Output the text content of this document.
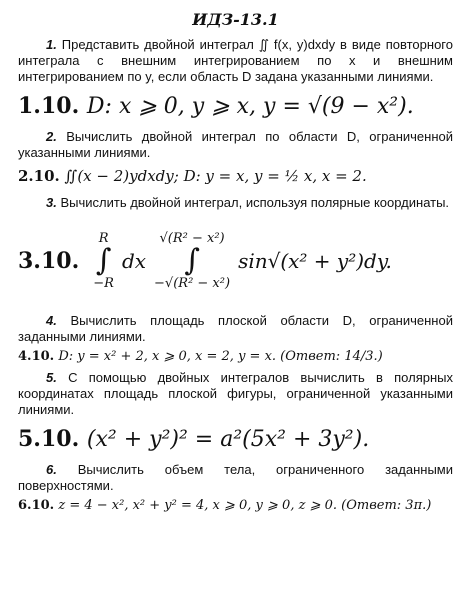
ИДЗ-13.1

1. Представить двойной интеграл ∬ f(x, y)dxdy в виде повторного интеграла с внешним интегрированием по x и внешним интегрированием по y, если область D задана указанными линиями.

1.10. D: x ⩾ 0, y ⩾ x, y = √(9 − x²).

2. Вычислить двойной интеграл по области D, ограниченной указанными линиями.

2.10. ∬(x − 2)ydxdy; D: y = x, y = ½ x, x = 2.

3. Вычислить двойной интеграл, используя полярные координаты.

3.10.
R
∫
−R
dx
√(R² − x²)
∫
−√(R² − x²)
sin√(x² + y²)dy.

4. Вычислить площадь плоской области D, ограниченной заданными линиями.

4.10. D: y = x² + 2, x ⩾ 0, x = 2, y = x. (Ответ: 14/3.)

5. С помощью двойных интегралов вычислить в полярных координатах площадь плоской фигуры, ограниченной указанными линиями.

5.10. (x² + y²)² = a²(5x² + 3y²).

6. Вычислить объем тела, ограниченного заданными поверхностями.

6.10. z = 4 − x², x² + y² = 4, x ⩾ 0, y ⩾ 0, z ⩾ 0. (Ответ: 3π.)
